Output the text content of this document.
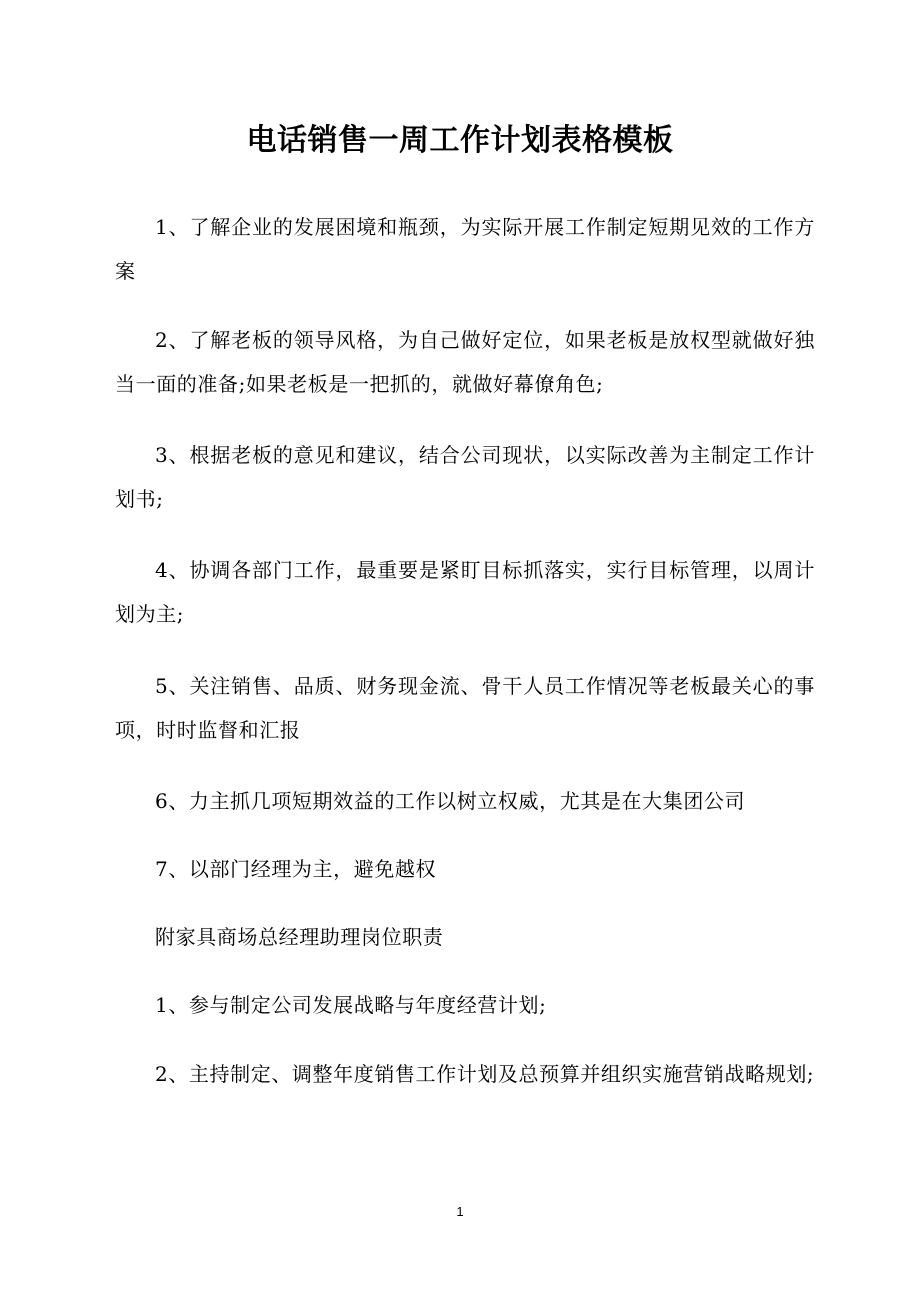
电话销售一周工作计划表格模板

1、了解企业的发展困境和瓶颈，为实际开展工作制定短期见效的工作方案

2、了解老板的领导风格，为自己做好定位，如果老板是放权型就做好独当一面的准备;如果老板是一把抓的，就做好幕僚角色;

3、根据老板的意见和建议，结合公司现状，以实际改善为主制定工作计划书;

4、协调各部门工作，最重要是紧盯目标抓落实，实行目标管理，以周计划为主;

5、关注销售、品质、财务现金流、骨干人员工作情况等老板最关心的事项，时时监督和汇报

6、力主抓几项短期效益的工作以树立权威，尤其是在大集团公司

7、以部门经理为主，避免越权

附家具商场总经理助理岗位职责

1、参与制定公司发展战略与年度经营计划;

2、主持制定、调整年度销售工作计划及总预算并组织实施营销战略规划;

1
